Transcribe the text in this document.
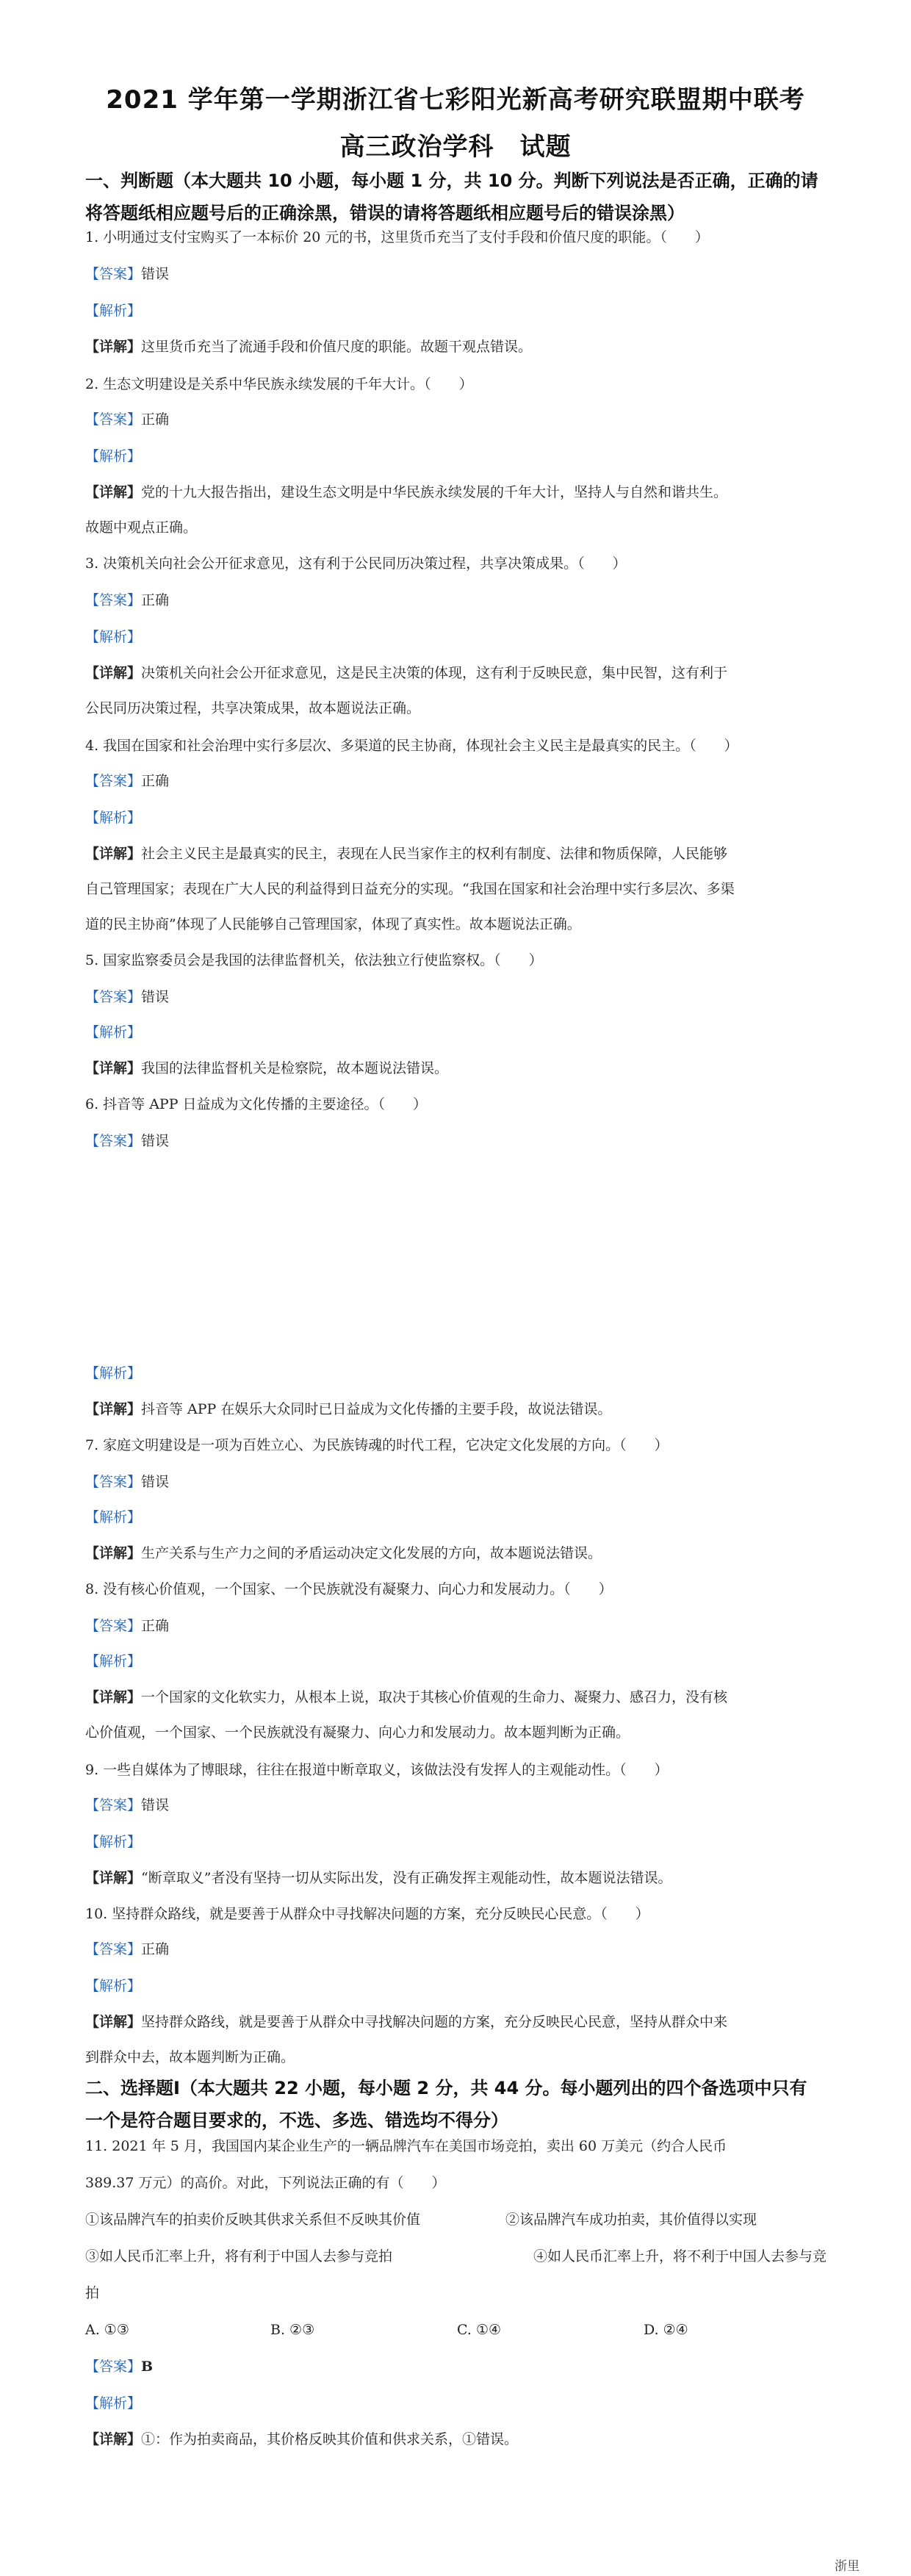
2021 学年第一学期浙江省七彩阳光新高考研究联盟期中联考
高三政治学科　试题
一、判断题（本大题共 10 小题，每小题 1 分，共 10 分。判断下列说法是否正确，正确的请
将答题纸相应题号后的正确涂黑，错误的请将答题纸相应题号后的错误涂黑）
1. 小明通过支付宝购买了一本标价 20 元的书，这里货币充当了支付手段和价值尺度的职能。（　　）
【答案】错误
【解析】
【详解】这里货币充当了流通手段和价值尺度的职能。故题干观点错误。
2. 生态文明建设是关系中华民族永续发展的千年大计。（　　）
【答案】正确
【解析】
【详解】党的十九大报告指出，建设生态文明是中华民族永续发展的千年大计，坚持人与自然和谐共生。
故题中观点正确。
3. 决策机关向社会公开征求意见，这有利于公民同历决策过程，共享决策成果。（　　）
【答案】正确
【解析】
【详解】决策机关向社会公开征求意见，这是民主决策的体现，这有利于反映民意，集中民智，这有利于
公民同历决策过程，共享决策成果，故本题说法正确。
4. 我国在国家和社会治理中实行多层次、多渠道的民主协商，体现社会主义民主是最真实的民主。（　　）
【答案】正确
【解析】
【详解】社会主义民主是最真实的民主，表现在人民当家作主的权利有制度、法律和物质保障，人民能够
自己管理国家；表现在广大人民的利益得到日益充分的实现。“我国在国家和社会治理中实行多层次、多渠
道的民主协商”体现了人民能够自己管理国家，体现了真实性。故本题说法正确。
5. 国家监察委员会是我国的法律监督机关，依法独立行使监察权。（　　）
【答案】错误
【解析】
【详解】我国的法律监督机关是检察院，故本题说法错误。
6. 抖音等 APP 日益成为文化传播的主要途径。（　　）
【答案】错误
【解析】
【详解】抖音等 APP 在娱乐大众同时已日益成为文化传播的主要手段，故说法错误。
7. 家庭文明建设是一项为百姓立心、为民族铸魂的时代工程，它决定文化发展的方向。（　　）
【答案】错误
【解析】
【详解】生产关系与生产力之间的矛盾运动决定文化发展的方向，故本题说法错误。
8. 没有核心价值观，一个国家、一个民族就没有凝聚力、向心力和发展动力。（　　）
【答案】正确
【解析】
【详解】一个国家的文化软实力，从根本上说，取决于其核心价值观的生命力、凝聚力、感召力，没有核
心价值观，一个国家、一个民族就没有凝聚力、向心力和发展动力。故本题判断为正确。
9. 一些自媒体为了博眼球，往往在报道中断章取义，该做法没有发挥人的主观能动性。（　　）
【答案】错误
【解析】
【详解】“断章取义”者没有坚持一切从实际出发，没有正确发挥主观能动性，故本题说法错误。
10. 坚持群众路线，就是要善于从群众中寻找解决问题的方案，充分反映民心民意。（　　）
【答案】正确
【解析】
【详解】坚持群众路线，就是要善于从群众中寻找解决问题的方案，充分反映民心民意，坚持从群众中来
到群众中去，故本题判断为正确。
二、选择题Ⅰ（本大题共 22 小题，每小题 2 分，共 44 分。每小题列出的四个备选项中只有
一个是符合题目要求的，不选、多选、错选均不得分）
11. 2021 年 5 月，我国国内某企业生产的一辆品牌汽车在美国市场竞拍，卖出 60 万美元（约合人民币
389.37 万元）的高价。对此，下列说法正确的有（　　）
①该品牌汽车的拍卖价反映其供求关系但不反映其价值	②该品牌汽车成功拍卖，其价值得以实现
③如人民币汇率上升，将有利于中国人去参与竞拍	④如人民币汇率上升，将不利于中国人去参与竞
拍
A. ①③	B. ②③	C. ①④	D. ②④
【答案】B
【解析】
【详解】①：作为拍卖商品，其价格反映其价值和供求关系，①错误。
浙里
